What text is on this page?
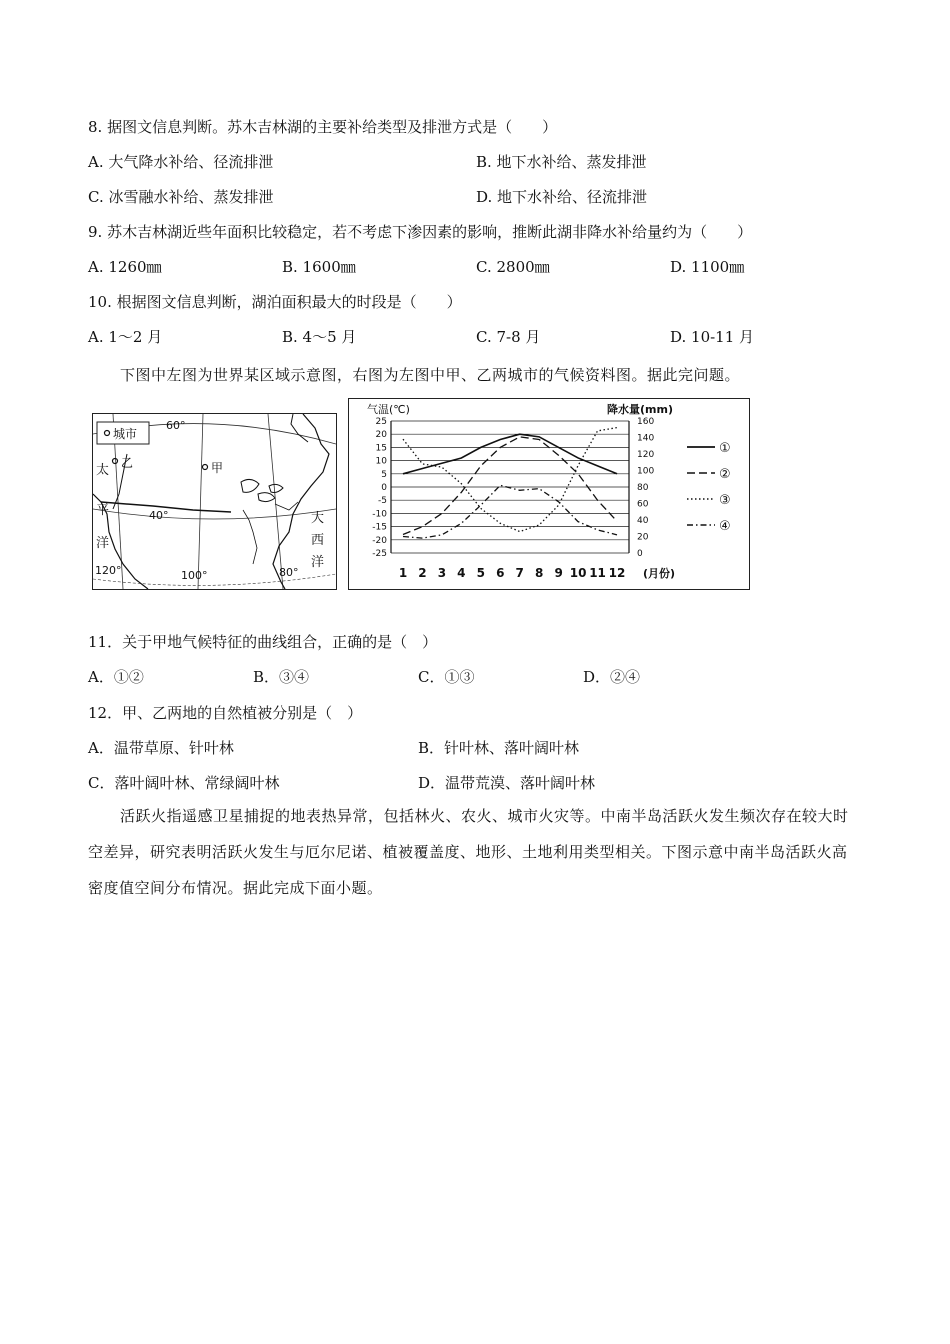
8. 据图文信息判断。苏木吉林湖的主要补给类型及排泄方式是（　　）
A. 大气降水补给、径流排泄	B. 地下水补给、蒸发排泄
C. 冰雪融水补给、蒸发排泄	D. 地下水补给、径流排泄
9. 苏木吉林湖近些年面积比较稳定，若不考虑下渗因素的影响，推断此湖非降水补给量约为（　　）
A. 1260㎜	B. 1600㎜	C. 2800㎜	D. 1100㎜
10. 根据图文信息判断，湖泊面积最大的时段是（　　）
A. 1～2 月	B. 4～5 月	C. 7-8 月	D. 10-11 月
下图中左图为世界某区域示意图，右图为左图中甲、乙两城市的气候资料图。据此完问题。
城市
乙	甲
60°
40°
120°	100°	80°
太
平
洋
大
西
洋
气温(℃)	降水量(mm)
(月份)
25
20
15
10
5
0
-5
-10
-15
-20
-25
160
140
120
100
80
60
40
20
0
1 2 3 4 5 6 7 8 9 10 11 12
①
②
③
④
11．关于甲地气候特征的曲线组合，正确的是（　）
A．①②	B．③④	C．①③	D．②④
12．甲、乙两地的自然植被分别是（　）
A．温带草原、针叶林	B．针叶林、落叶阔叶林
C．落叶阔叶林、常绿阔叶林	D．温带荒漠、落叶阔叶林
活跃火指遥感卫星捕捉的地表热异常，包括林火、农火、城市火灾等。中南半岛活跃火发生频次存在较大时空差异，研究表明活跃火发生与厄尔尼诺、植被覆盖度、地形、土地利用类型相关。下图示意中南半岛活跃火高密度值空间分布情况。据此完成下面小题。
